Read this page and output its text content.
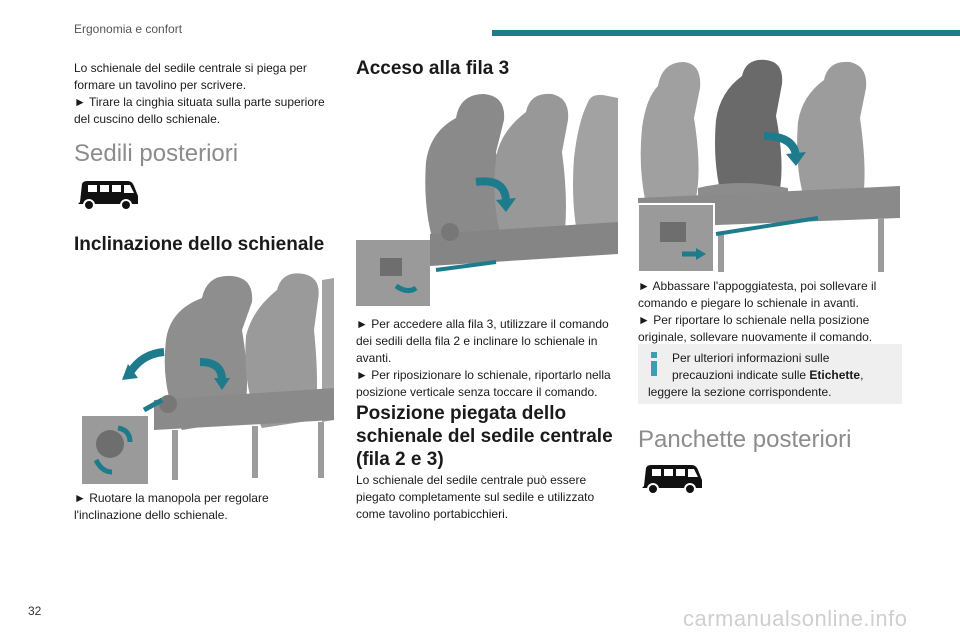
Ergonomia e confort

Lo schienale del sedile centrale si piega per

formare un tavolino per scrivere.

► Tirare la cinghia situata sulla parte superiore

del cuscino dello schienale.

Sedili posteriori
Inclinazione dello schienale

► Ruotare la manopola per regolare

l'inclinazione dello schienale.

Acceso alla fila 3

► Per accedere alla fila 3, utilizzare il comando

dei sedili della fila 2 e inclinare lo schienale in

avanti.

► Per riposizionare lo schienale, riportarlo nella

posizione verticale senza toccare il comando.

Posizione piegata dello
schienale del sedile centrale
(fila 2 e 3)

Lo schienale del sedile centrale può essere

piegato completamente sul sedile e utilizzato

come tavolino portabicchieri.

► Abbassare l'appoggiatesta, poi sollevare il

comando e piegare lo schienale in avanti.

► Per riportare lo schienale nella posizione

originale, sollevare nuovamente il comando.

Per ulteriori informazioni sulle

precauzioni indicate sulle Etichette,

leggere la sezione corrispondente.
Panchette posteriori
32	carmanualsonline.info
